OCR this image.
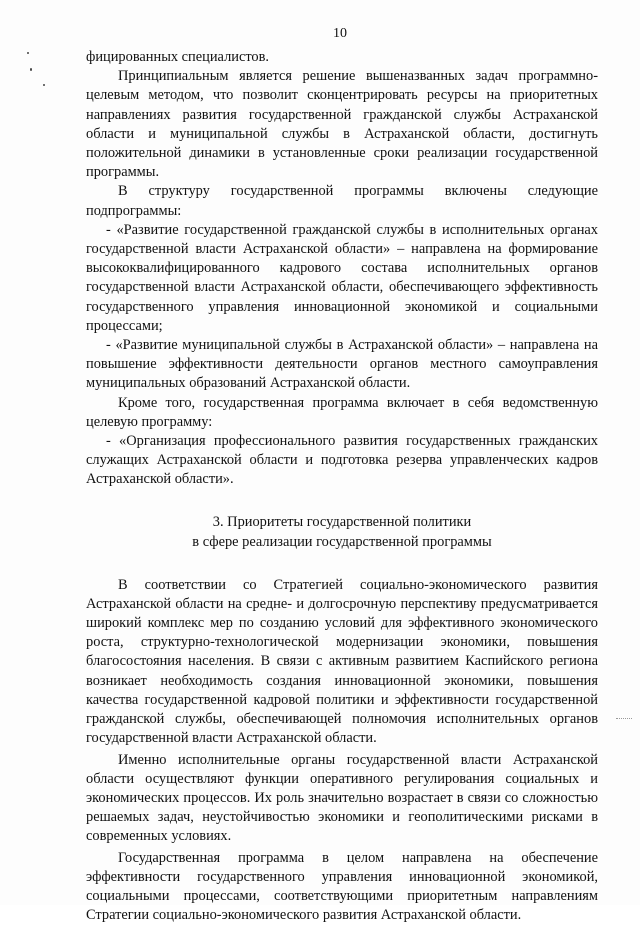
10

фицированных специалистов.

Принципиальным является решение вышеназванных задач программно-целевым методом, что позволит сконцентрировать ресурсы на приоритетных направлениях развития государственной гражданской службы Астраханской области и муниципальной службы в Астраханской области, достигнуть положительной динамики в установленные сроки реализации государственной программы.

В структуру государственной программы включены следующие подпрограммы:

- «Развитие государственной гражданской службы в исполнительных органах государственной власти Астраханской области» – направлена на формирование высококвалифицированного кадрового состава исполнительных органов государственной власти Астраханской области, обеспечивающего эффективность государственного управления инновационной экономикой и социальными процессами;

- «Развитие муниципальной службы в Астраханской области» – направлена на повышение эффективности деятельности органов местного самоуправления муниципальных образований Астраханской области.

Кроме того, государственная программа включает в себя ведомственную целевую программу:

- «Организация профессионального развития государственных гражданских служащих Астраханской области и подготовка резерва управленческих кадров Астраханской области».

3. Приоритеты государственной политики
в сфере реализации государственной программы

В соответствии со Стратегией социально-экономического развития Астраханской области на средне- и долгосрочную перспективу предусматривается широкий комплекс мер по созданию условий для эффективного экономического роста, структурно-технологической модернизации экономики, повышения благосостояния населения. В связи с активным развитием Каспийского региона возникает необходимость создания инновационной экономики, повышения качества государственной кадровой политики и эффективности государственной гражданской службы, обеспечивающей полномочия исполнительных органов государственной власти Астраханской области.

Именно исполнительные органы государственной власти Астраханской области осуществляют функции оперативного регулирования социальных и экономических процессов. Их роль значительно возрастает в связи со сложностью решаемых задач, неустойчивостью экономики и геополитическими рисками в современных условиях.

Государственная программа в целом направлена на обеспечение эффективности государственного управления инновационной экономикой, социальными процессами, соответствующими приоритетным направлениям Стратегии социально-экономического развития Астраханской области.
